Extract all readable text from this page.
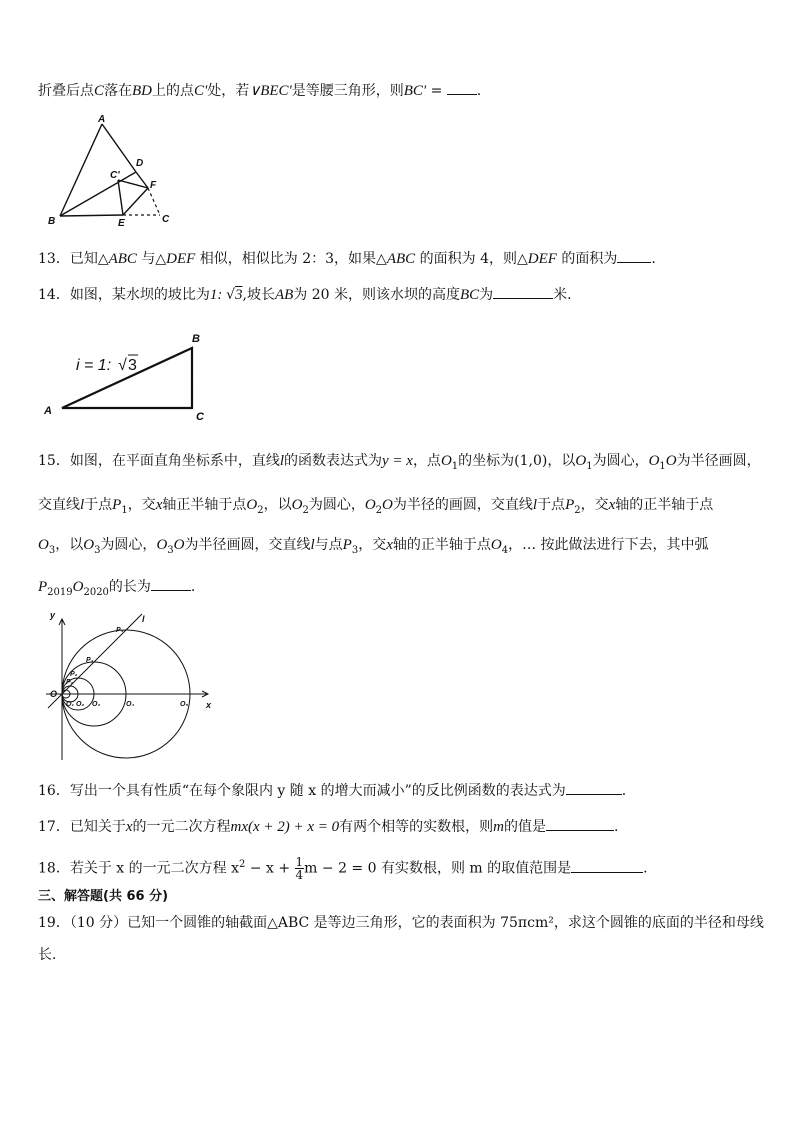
折叠后点C落在BD上的点C'处，若∨BEC'是等腰三角形，则BC' = .
A
B	C
D
E
F
C'
13．已知△ABC 与△DEF 相似，相似比为 2：3，如果△ABC 的面积为 4，则△DEF 的面积为 .
14．如图，某水坝的坡比为1: √3,坡长AB为 20 米，则该水坝的高度BC为	米.
A
B
C
i = 1: √ 3
15．如图，在平面直角坐标系中，直线l的函数表达式为y = x，点$O_1$的坐标为(1,0)，以$O_1$为圆心，$O_1O$为半径画圆，
交直线l于点$P_1$，交x轴正半轴于点$O_2$，以$O_2$为圆心，$O_2O$为半径的画圆，交直线l于点$P_2$，交x轴的正半轴于点
$O_3$，以$O_3$为圆心，$O_3O$为半径画圆，交直线l与点$P_3$，交x轴的正半轴于点$O_4$，… 按此做法进行下去，其中弧
$P_{2019}O_{2020}$的长为	.
y
x
l
O
O₁ O₂ O₃	O₄	O₅
P₁
P₂
P₃
P₄
16．写出一个具有性质“在每个象限内 y 随 x 的增大而减小”的反比例函数的表达式为	.
17．已知关于x的一元二次方程mx(x + 2) + x = 0有两个相等的实数根，则m的值是	.
18．若关于 x 的一元二次方程 $x^2 - x + \frac{1}{4}$ m − 2 = 0 有实数根，则 m 的取值范围是	.
三、解答题(共 66 分)
19．（10 分）已知一个圆锥的轴截面△ABC 是等边三角形，它的表面积为 75πcm²，求这个圆锥的底面的半径和母线
长．
